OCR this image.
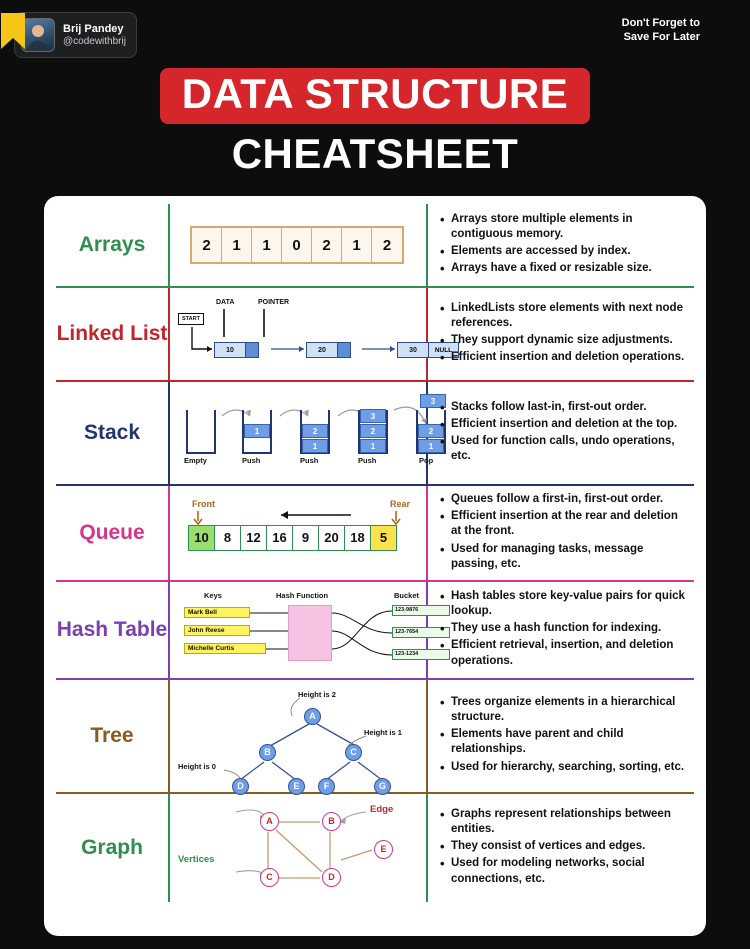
Brij Pandey
@codewithbrij
Don't Forget to
Save For Later
DATA STRUCTURE
CHEATSHEET
Arrays	2	1	1	0	2	1	2
• Arrays store multiple elements in contiguous memory.
• Elements are accessed by index.
• Arrays have a fixed or resizable size.
Linked List
START
DATA	POINTER
10	20	30	NULL
• LinkedLists store elements with next node references.
• They support dynamic size adjustments.
• Efficient insertion and deletion operations.
Stack	1	2
1
3
2
1
3
2
1
Empty	Push	Push	Push	Pop
• Stacks follow last-in, first-out order.
• Efficient insertion and deletion at the top.
• Used for function calls, undo operations, etc.
Queue
Front	Rear
10	8	12 16	9	20 18	5
• Queues follow a first-in, first-out order.
• Efficient insertion at the rear and deletion at the front.
• Used for managing tasks, message passing, etc.
Hash Table
Keys	Hash Function	Bucket
Mark Bell
John Reese
Michelle Curtis
123-9876
123-7654
123-1234
• Hash tables store key-value pairs for quick lookup.
• They use a hash function for indexing.
• Efficient retrieval, insertion, and deletion operations.
Tree
Height is 2
Height is 1
Height is 0
A
B	C
D	E	F	G
• Trees organize elements in a hierarchical structure.
• Elements have parent and child relationships.
• Used for hierarchy, searching, sorting, etc.
Graph
Vertices
Edge
A	B
C	D
E
• Graphs represent relationships between entities.
• They consist of vertices and edges.
• Used for modeling networks, social connections, etc.
